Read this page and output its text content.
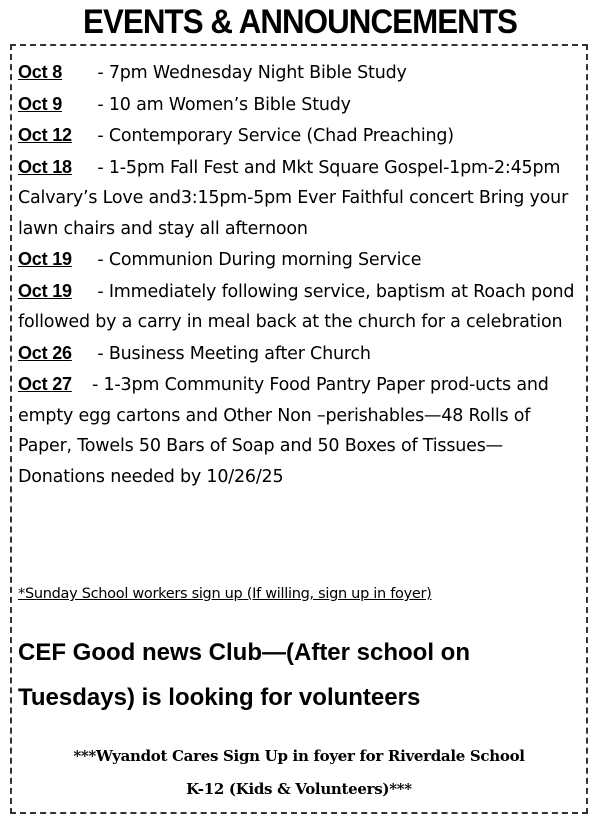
EVENTS & ANNOUNCEMENTS

Oct 8 - 7pm Wednesday Night Bible Study

Oct 9 - 10 am Women’s Bible Study

Oct 12 - Contemporary Service (Chad Preaching)

Oct 18 - 1-5pm Fall Fest and Mkt Square Gospel-1pm-2:45pm Calvary’s Love and3:15pm-5pm Ever Faithful concert Bring your lawn chairs and stay all afternoon

Oct 19 - Communion During morning Service

Oct 19 - Immediately following service, baptism at Roach pond followed by a carry in meal back at the church for a celebration

Oct 26 - Business Meeting after Church

Oct 27 - 1-3pm Community Food Pantry Paper prod-ucts and empty egg cartons and Other Non –perishables—48 Rolls of Paper, Towels 50 Bars of Soap and 50 Boxes of Tissues—Donations needed by 10/26/25

*Sunday School workers sign up (If willing, sign up in foyer)
CEF Good news Club—(After school on Tuesdays) is looking for volunteers
***Wyandot Cares Sign Up in foyer for Riverdale School
K-12 (Kids & Volunteers)***
